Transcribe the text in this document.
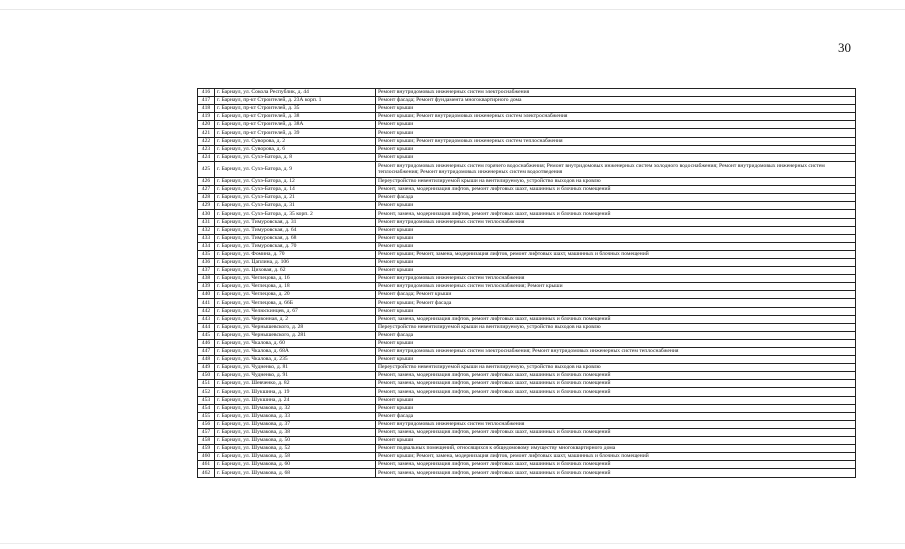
30
416	г. Барнаул, ул. Сокола Республик, д. 44	Ремонт внутридомовых инженерных систем электроснабжения
417	г. Барнаул, пр-кт Строителей, д. 23А корп. 1	Ремонт фасада; Ремонт фундамента многоквартирного дома
418	г. Барнаул, пр-кт Строителей, д. 35	Ремонт крыши
419	г. Барнаул, пр-кт Строителей, д. 38	Ремонт крыши; Ремонт внутридомовых инженерных систем электроснабжения
420	г. Барнаул, пр-кт Строителей, д. 38А	Ремонт крыши
421	г. Барнаул, пр-кт Строителей, д. 39	Ремонт крыши
422	г. Барнаул, ул. Суворова, д. 2	Ремонт крыши; Ремонт внутридомовых инженерных систем теплоснабжения
423	г. Барнаул, ул. Суворова, д. 6	Ремонт крыши
424	г. Барнаул, ул. Сухэ-Батора, д. 8	Ремонт крыши
425	г. Барнаул, ул. Сухэ-Батора, д. 9	Ремонт внутридомовых инженерных систем горячего водоснабжения; Ремонт внутридомовых инженерных систем холодного водоснабжения; Ремонт внутридомовых инженерных систем теплоснабжения; Ремонт внутридомовых инженерных систем водоотведения
426	г. Барнаул, ул. Сухэ-Батора, д. 12	Переустройство невентилируемой крыши на вентилируемую, устройство выходов на кровлю
427	г. Барнаул, ул. Сухэ-Батора, д. 14	Ремонт, замена, модернизация лифтов, ремонт лифтовых шахт, машинных и блочных помещений
428	г. Барнаул, ул. Сухэ-Батора, д. 21	Ремонт фасада
429	г. Барнаул, ул. Сухэ-Батора, д. 31	Ремонт крыши
430	г. Барнаул, ул. Сухэ-Батора, д. 35 корп. 2	Ремонт, замена, модернизация лифтов, ремонт лифтовых шахт, машинных и блочных помещений
431	г. Барнаул, ул. Тимуровская, д. 31	Ремонт внутридомовых инженерных систем теплоснабжения
432	г. Барнаул, ул. Тимуровская, д. 64	Ремонт крыши
433	г. Барнаул, ул. Тимуровская, д. 68	Ремонт крыши
434	г. Барнаул, ул. Тимуровская, д. 70	Ремонт крыши
435	г. Барнаул, ул. Фомина, д. 70	Ремонт крыши; Ремонт, замена, модернизация лифтов, ремонт лифтовых шахт, машинных и блочных помещений
436	г. Барнаул, ул. Цаплина, д. 106	Ремонт крыши
437	г. Барнаул, ул. Циховая, д. 62	Ремонт крыши
438	г. Барнаул, ул. Чеглецова, д. 16	Ремонт внутридомовых инженерных систем теплоснабжения
439	г. Барнаул, ул. Чеглецова, д. 18	Ремонт внутридомовых инженерных систем теплоснабжения; Ремонт крыши
440	г. Барнаул, ул. Чеглецова, д. 20	Ремонт фасада; Ремонт крыши
441	г. Барнаул, ул. Чеглецова, д. 66Б	Ремонт крыши; Ремонт фасада
442	г. Барнаул, ул. Челюскинцев, д. 67	Ремонт крыши
443	г. Барнаул, ул. Червонная, д. 2	Ремонт, замена, модернизация лифтов, ремонт лифтовых шахт, машинных и блочных помещений
444	г. Барнаул, ул. Чернышевского, д. 28	Переустройство невентилируемой крыши на вентилируемую, устройство выходов на кровлю
445	г. Барнаул, ул. Чернышевского, д. 281	Ремонт фасада
446	г. Барнаул, ул. Чкалова, д. 60	Ремонт крыши
447	г. Барнаул, ул. Чкалова, д. 68А	Ремонт внутридомовых инженерных систем электроснабжения; Ремонт внутридомовых инженерных систем теплоснабжения
448	г. Барнаул, ул. Чкалова, д. 235	Ремонт крыши
449	г. Барнаул, ул. Чудненко, д. 81	Переустройство невентилируемой крыши на вентилируемую, устройство выходов на кровлю
450	г. Барнаул, ул. Чудненко, д. 91	Ремонт, замена, модернизация лифтов, ремонт лифтовых шахт, машинных и блочных помещений
451	г. Барнаул, ул. Шевченко, д. 82	Ремонт, замена, модернизация лифтов, ремонт лифтовых шахт, машинных и блочных помещений
452	г. Барнаул, ул. Шукшина, д. 19	Ремонт, замена, модернизация лифтов, ремонт лифтовых шахт, машинных и блочных помещений
453	г. Барнаул, ул. Шукшина, д. 24	Ремонт крыши
454	г. Барнаул, ул. Шумакова, д. 32	Ремонт крыши
455	г. Барнаул, ул. Шумакова, д. 33	Ремонт фасада
456	г. Барнаул, ул. Шумакова, д. 37	Ремонт внутридомовых инженерных систем теплоснабжения
457	г. Барнаул, ул. Шумакова, д. 38	Ремонт, замена, модернизация лифтов, ремонт лифтовых шахт, машинных и блочных помещений
458	г. Барнаул, ул. Шумакова, д. 50	Ремонт крыши
459	г. Барнаул, ул. Шумакова, д. 52	Ремонт подвальных помещений, относящихся к общедомовому имуществу многоквартирного дома
460	г. Барнаул, ул. Шумакова, д. 58	Ремонт крыши; Ремонт, замена, модернизация лифтов, ремонт лифтовых шахт, машинных и блочных помещений
461	г. Барнаул, ул. Шумакова, д. 60	Ремонт, замена, модернизация лифтов, ремонт лифтовых шахт, машинных и блочных помещений
462	г. Барнаул, ул. Шумакова, д. 68	Ремонт, замена, модернизация лифтов, ремонт лифтовых шахт, машинных и блочных помещений
